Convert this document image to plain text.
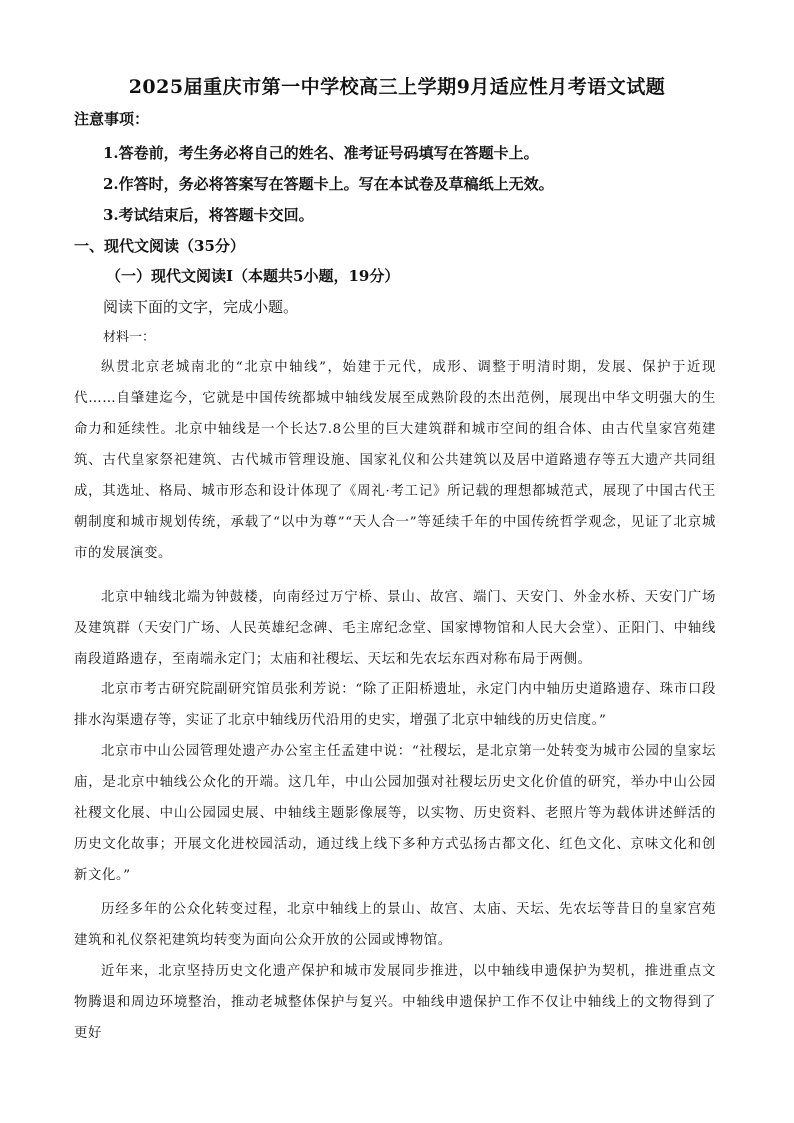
2025届重庆市第一中学校高三上学期9月适应性月考语文试题
注意事项：
1.答卷前，考生务必将自己的姓名、准考证号码填写在答题卡上。
2.作答时，务必将答案写在答题卡上。写在本试卷及草稿纸上无效。
3.考试结束后，将答题卡交回。
一、现代文阅读（35分）
（一）现代文阅读Ⅰ（本题共5小题，19分）
阅读下面的文字，完成小题。
材料一：

纵贯北京老城南北的“北京中轴线”，始建于元代，成形、调整于明清时期，发展、保护于近现代……自肇建迄今，它就是中国传统都城中轴线发展至成熟阶段的杰出范例，展现出中华文明强大的生命力和延续性。北京中轴线是一个长达7.8公里的巨大建筑群和城市空间的组合体、由古代皇家宫苑建筑、古代皇家祭祀建筑、古代城市管理设施、国家礼仪和公共建筑以及居中道路遗存等五大遗产共同组成，其选址、格局、城市形态和设计体现了《周礼·考工记》所记载的理想都城范式，展现了中国古代王朝制度和城市规划传统，承载了“以中为尊”“天人合一”等延续千年的中国传统哲学观念，见证了北京城市的发展演变。

北京中轴线北端为钟鼓楼，向南经过万宁桥、景山、故宫、端门、天安门、外金水桥、天安门广场及建筑群（天安门广场、人民英雄纪念碑、毛主席纪念堂、国家博物馆和人民大会堂）、正阳门、中轴线南段道路遗存，至南端永定门；太庙和社稷坛、天坛和先农坛东西对称布局于两侧。

北京市考古研究院副研究馆员张利芳说：“除了正阳桥遗址，永定门内中轴历史道路遗存、珠市口段排水沟渠遗存等，实证了北京中轴线历代沿用的史实，增强了北京中轴线的历史信度。”

北京市中山公园管理处遗产办公室主任孟建中说：“社稷坛，是北京第一处转变为城市公园的皇家坛庙，是北京中轴线公众化的开端。这几年，中山公园加强对社稷坛历史文化价值的研究，举办中山公园社稷文化展、中山公园园史展、中轴线主题影像展等，以实物、历史资料、老照片等为载体讲述鲜活的历史文化故事；开展文化进校园活动，通过线上线下多种方式弘扬古都文化、红色文化、京味文化和创新文化。”

历经多年的公众化转变过程，北京中轴线上的景山、故宫、太庙、天坛、先农坛等昔日的皇家宫苑建筑和礼仪祭祀建筑均转变为面向公众开放的公园或博物馆。

近年来，北京坚持历史文化遗产保护和城市发展同步推进，以中轴线申遗保护为契机，推进重点文物腾退和周边环境整治，推动老城整体保护与复兴。中轴线申遗保护工作不仅让中轴线上的文物得到了更好
